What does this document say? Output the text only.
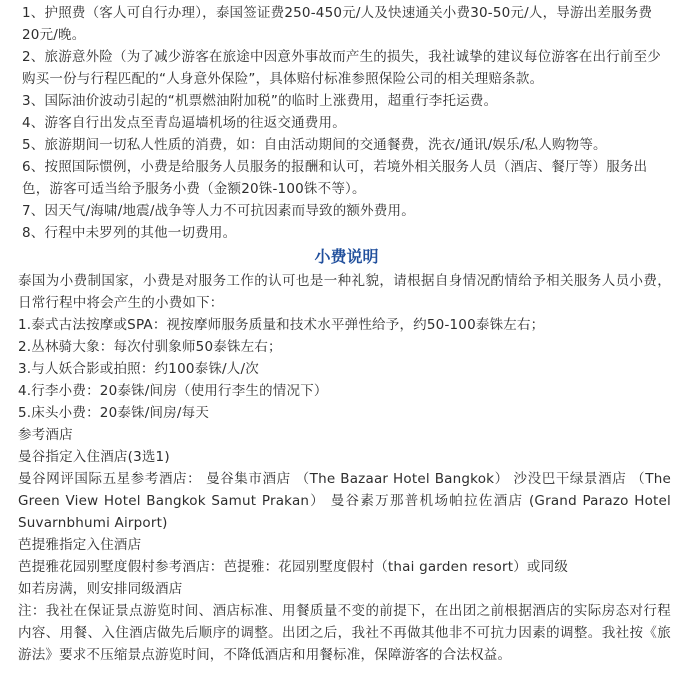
1、护照费（客人可自行办理），泰国签证费250-450元/人及快速通关小费30-50元/人，导游出差服务费20元/晚。
2、旅游意外险（为了减少游客在旅途中因意外事故而产生的损失，我社诚挚的建议每位游客在出行前至少购买一份与行程匹配的“人身意外保险”，具体赔付标准参照保险公司的相关理赔条款。
3、国际油价波动引起的“机票燃油附加税”的临时上涨费用，超重行李托运费。
4、游客自行出发点至青岛逼墙机场的往返交通费用。
5、旅游期间一切私人性质的消费，如：自由活动期间的交通餐费，洗衣/通讯/娱乐/私人购物等。
6、按照国际惯例，小费是给服务人员服务的报酬和认可，若境外相关服务人员（酒店、餐厅等）服务出色，游客可适当给予服务小费（金额20铢-100铢不等）。
7、因天气/海啸/地震/战争等人力不可抗因素而导致的额外费用。
8、行程中未罗列的其他一切费用。
小费说明
泰国为小费制国家，小费是对服务工作的认可也是一种礼貌，请根据自身情况酌情给予相关服务人员小费，日常行程中将会产生的小费如下：
1.泰式古法按摩或SPA：视按摩师服务质量和技术水平弹性给予，约50-100泰铢左右；
2.丛林骑大象：每次付驯象师50泰铢左右；
3.与人妖合影或拍照：约100泰铢/人/次
4.行李小费：20泰铢/间房（使用行李生的情况下）
5.床头小费：20泰铢/间房/每天
参考酒店
曼谷指定入住酒店(3选1)
曼谷网评国际五星参考酒店： 曼谷集市酒店 （The Bazaar Hotel Bangkok） 沙没巴干绿景酒店 （The Green View Hotel Bangkok Samut Prakan） 曼谷素万那普机场帕拉佐酒店 (Grand Parazo Hotel Suvarnbhumi Airport)
芭提雅指定入住酒店
芭提雅花园别墅度假村参考酒店：芭提雅：花园别墅度假村（thai garden resort）或同级
如若房满，则安排同级酒店
注：我社在保证景点游览时间、酒店标准、用餐质量不变的前提下，在出团之前根据酒店的实际房态对行程内容、用餐、入住酒店做先后顺序的调整。出团之后，我社不再做其他非不可抗力因素的调整。我社按《旅游法》要求不压缩景点游览时间，不降低酒店和用餐标准，保障游客的合法权益。
